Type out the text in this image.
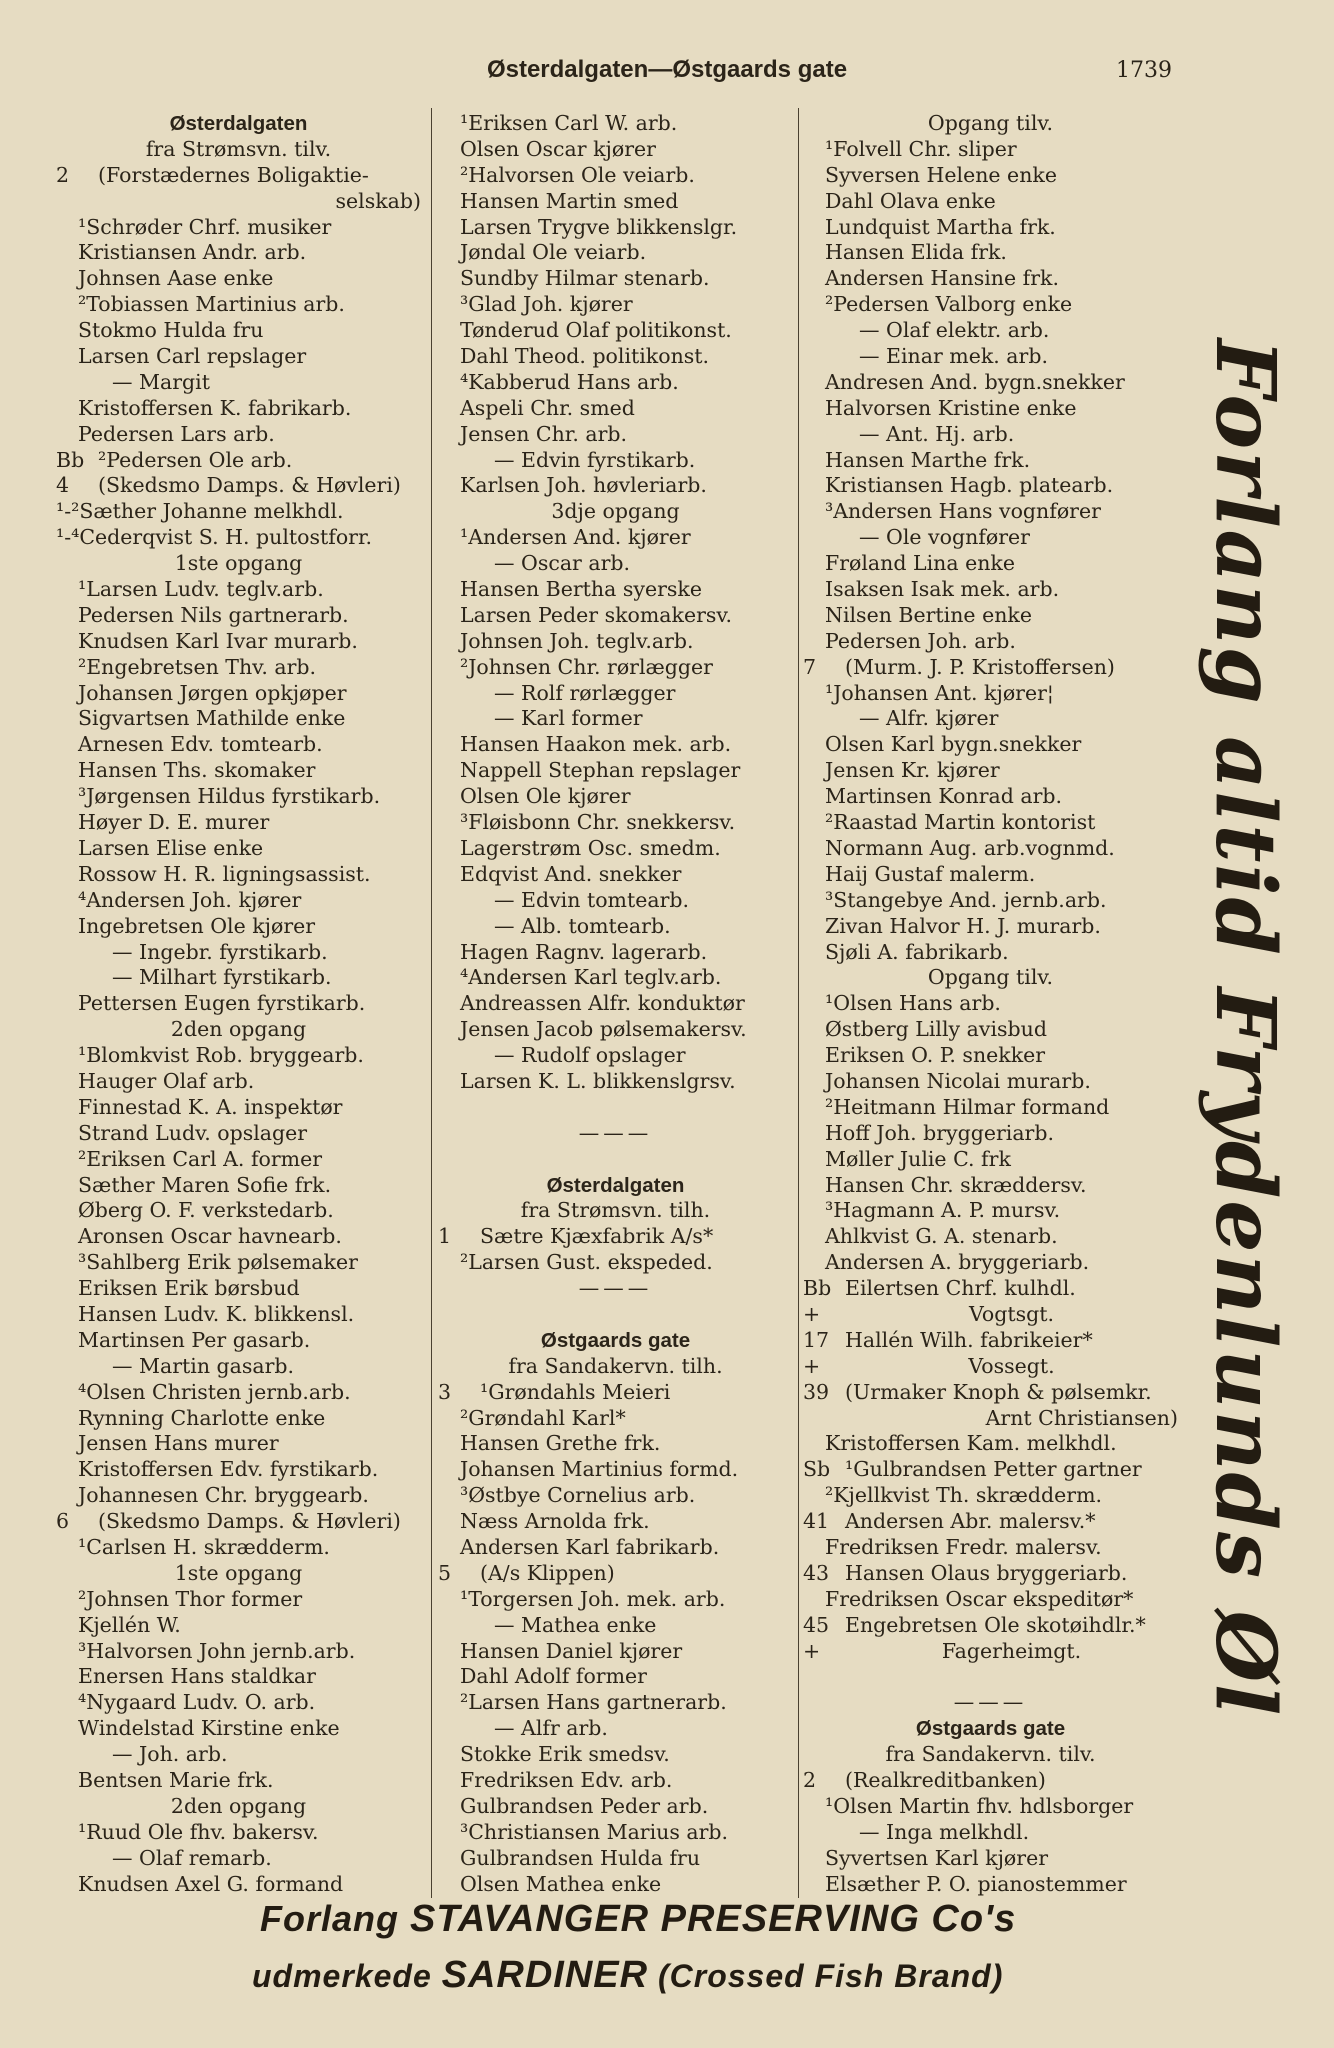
Østerdalgaten—Østgaards gate	1739
Østerdalgaten
fra Strømsvn. tilv.
2 (Forstædernes Boligaktie-
selskab)
¹Schrøder Chrf. musiker
Kristiansen Andr. arb.
Johnsen Aase enke
²Tobiassen Martinius arb.
Stokmo Hulda fru
Larsen Carl repslager
— Margit
Kristoffersen K. fabrikarb.
Pedersen Lars arb.
Bb ²Pedersen Ole arb.
4 (Skedsmo Damps. & Høvleri)
¹-²Sæther Johanne melkhdl.
¹-⁴Cederqvist S. H. pultostforr.
1ste opgang
¹Larsen Ludv. teglv.arb.
Pedersen Nils gartnerarb.
Knudsen Karl Ivar murarb.
²Engebretsen Thv. arb.
Johansen Jørgen opkjøper
Sigvartsen Mathilde enke
Arnesen Edv. tomtearb.
Hansen Ths. skomaker
³Jørgensen Hildus fyrstikarb.
Høyer D. E. murer
Larsen Elise enke
Rossow H. R. ligningsassist.
⁴Andersen Joh. kjører
Ingebretsen Ole kjører
— Ingebr. fyrstikarb.
— Milhart fyrstikarb.
Pettersen Eugen fyrstikarb.
2den opgang
¹Blomkvist Rob. bryggearb.
Hauger Olaf arb.
Finnestad K. A. inspektør
Strand Ludv. opslager
²Eriksen Carl A. former
Sæther Maren Sofie frk.
Øberg O. F. verkstedarb.
Aronsen Oscar havnearb.
³Sahlberg Erik pølsemaker
Eriksen Erik børsbud
Hansen Ludv. K. blikkensl.
Martinsen Per gasarb.
— Martin gasarb.
⁴Olsen Christen jernb.arb.
Rynning Charlotte enke
Jensen Hans murer
Kristoffersen Edv. fyrstikarb.
Johannesen Chr. bryggearb.
6 (Skedsmo Damps. & Høvleri)
¹Carlsen H. skrædderm.
1ste opgang
²Johnsen Thor former
Kjellén W.
³Halvorsen John jernb.arb.
Enersen Hans staldkar
⁴Nygaard Ludv. O. arb.
Windelstad Kirstine enke
— Joh. arb.
Bentsen Marie frk.
2den opgang
¹Ruud Ole fhv. bakersv.
— Olaf remarb.
Knudsen Axel G. formand
¹Eriksen Carl W. arb.
Olsen Oscar kjører
²Halvorsen Ole veiarb.
Hansen Martin smed
Larsen Trygve blikkenslgr.
Jøndal Ole veiarb.
Sundby Hilmar stenarb.
³Glad Joh. kjører
Tønderud Olaf politikonst.
Dahl Theod. politikonst.
⁴Kabberud Hans arb.
Aspeli Chr. smed
Jensen Chr. arb.
— Edvin fyrstikarb.
Karlsen Joh. høvleriarb.
3dje opgang
¹Andersen And. kjører
— Oscar arb.
Hansen Bertha syerske
Larsen Peder skomakersv.
Johnsen Joh. teglv.arb.
²Johnsen Chr. rørlægger
— Rolf rørlægger
— Karl former
Hansen Haakon mek. arb.
Nappell Stephan repslager
Olsen Ole kjører
³Fløisbonn Chr. snekkersv.
Lagerstrøm Osc. smedm.
Edqvist And. snekker
— Edvin tomtearb.
— Alb. tomtearb.
Hagen Ragnv. lagerarb.
⁴Andersen Karl teglv.arb.
Andreassen Alfr. konduktør
Jensen Jacob pølsemakersv.
— Rudolf opslager
Larsen K. L. blikkenslgrsv.
———
Østerdalgaten
fra Strømsvn. tilh.
1 Sætre Kjæxfabrik A/s*
²Larsen Gust. ekspeded.
———
Østgaards gate
fra Sandakervn. tilh.
3 ¹Grøndahls Meieri
²Grøndahl Karl*
Hansen Grethe frk.
Johansen Martinius formd.
³Østbye Cornelius arb.
Næss Arnolda frk.
Andersen Karl fabrikarb.
5 (A/s Klippen)
¹Torgersen Joh. mek. arb.
— Mathea enke
Hansen Daniel kjører
Dahl Adolf former
²Larsen Hans gartnerarb.
— Alfr arb.
Stokke Erik smedsv.
Fredriksen Edv. arb.
Gulbrandsen Peder arb.
³Christiansen Marius arb.
Gulbrandsen Hulda fru
Olsen Mathea enke
Opgang tilv.
¹Folvell Chr. sliper
Syversen Helene enke
Dahl Olava enke
Lundquist Martha frk.
Hansen Elida frk.
Andersen Hansine frk.
²Pedersen Valborg enke
— Olaf elektr. arb.
— Einar mek. arb.
Andresen And. bygn.snekker
Halvorsen Kristine enke
— Ant. Hj. arb.
Hansen Marthe frk.
Kristiansen Hagb. platearb.
³Andersen Hans vognfører
— Ole vognfører
Frøland Lina enke
Isaksen Isak mek. arb.
Nilsen Bertine enke
Pedersen Joh. arb.
7 (Murm. J. P. Kristoffersen)
¹Johansen Ant. kjører¦
— Alfr. kjører
Olsen Karl bygn.snekker
Jensen Kr. kjører
Martinsen Konrad arb.
²Raastad Martin kontorist
Normann Aug. arb.vognmd.
Haij Gustaf malerm.
³Stangebye And. jernb.arb.
Zivan Halvor H. J. murarb.
Sjøli A. fabrikarb.
Opgang tilv.
¹Olsen Hans arb.
Østberg Lilly avisbud
Eriksen O. P. snekker
Johansen Nicolai murarb.
²Heitmann Hilmar formand
Hoff Joh. bryggeriarb.
Møller Julie C. frk
Hansen Chr. skræddersv.
³Hagmann A. P. mursv.
Ahlkvist G. A. stenarb.
Andersen A. bryggeriarb.
Bb Eilertsen Chrf. kulhdl.
+	Vogtsgt.
17 Hallén Wilh. fabrikeier*
+	Vossegt.
39 (Urmaker Knoph & pølsemkr.
Arnt Christiansen)
Kristoffersen Kam. melkhdl.
Sb ¹Gulbrandsen Petter gartner
²Kjellkvist Th. skrædderm.
41 Andersen Abr. malersv.*
Fredriksen Fredr. malersv.
43 Hansen Olaus bryggeriarb.
Fredriksen Oscar ekspeditør*
45 Engebretsen Ole skotøihdlr.*
+	Fagerheimgt.
———
Østgaards gate
fra Sandakervn. tilv.
2 (Realkreditbanken)
¹Olsen Martin fhv. hdlsborger
— Inga melkhdl.
Syvertsen Karl kjører
Elsæther P. O. pianostemmer
Forlang altid Frydenlunds Øl
Forlang STAVANGER PRESERVING Co's
udmerkede SARDINER (Crossed Fish Brand)
